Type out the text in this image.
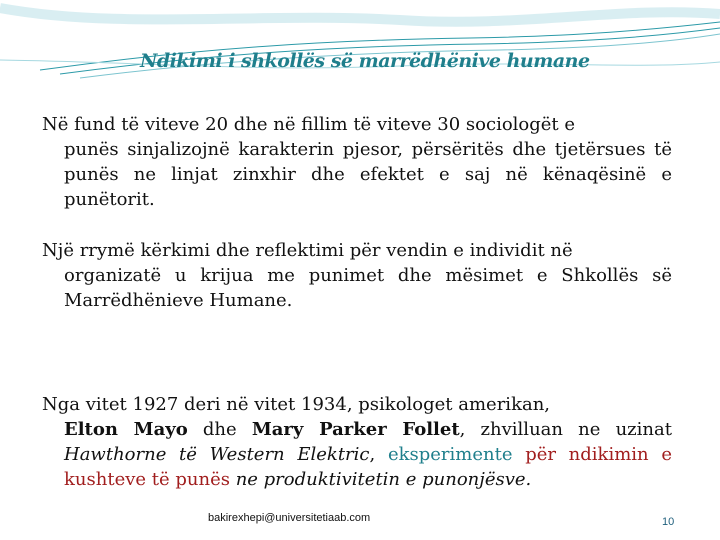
Ndikimi i shkollës së marrëdhënive humane
Në fund të viteve 20 dhe në fillim të viteve 30 sociologët e
punës sinjalizojnë karakterin pjesor, përsëritës dhe tjetërsues të punës ne linjat zinxhir dhe efektet e saj në kënaqësinë e punëtorit.
Një rrymë kërkimi dhe reflektimi për vendin e individit në
organizatë u krijua me punimet dhe mësimet e Shkollës së Marrëdhënieve Humane.
Nga vitet 1927 deri në vitet 1934, psikologet amerikan,
Elton Mayo dhe Mary Parker Follet, zhvilluan ne uzinat Hawthorne të Western Elektric, eksperimente për ndikimin e kushteve të punës ne produktivitetin e punonjësve.
bakirexhepi@universitetiaab.com	10
